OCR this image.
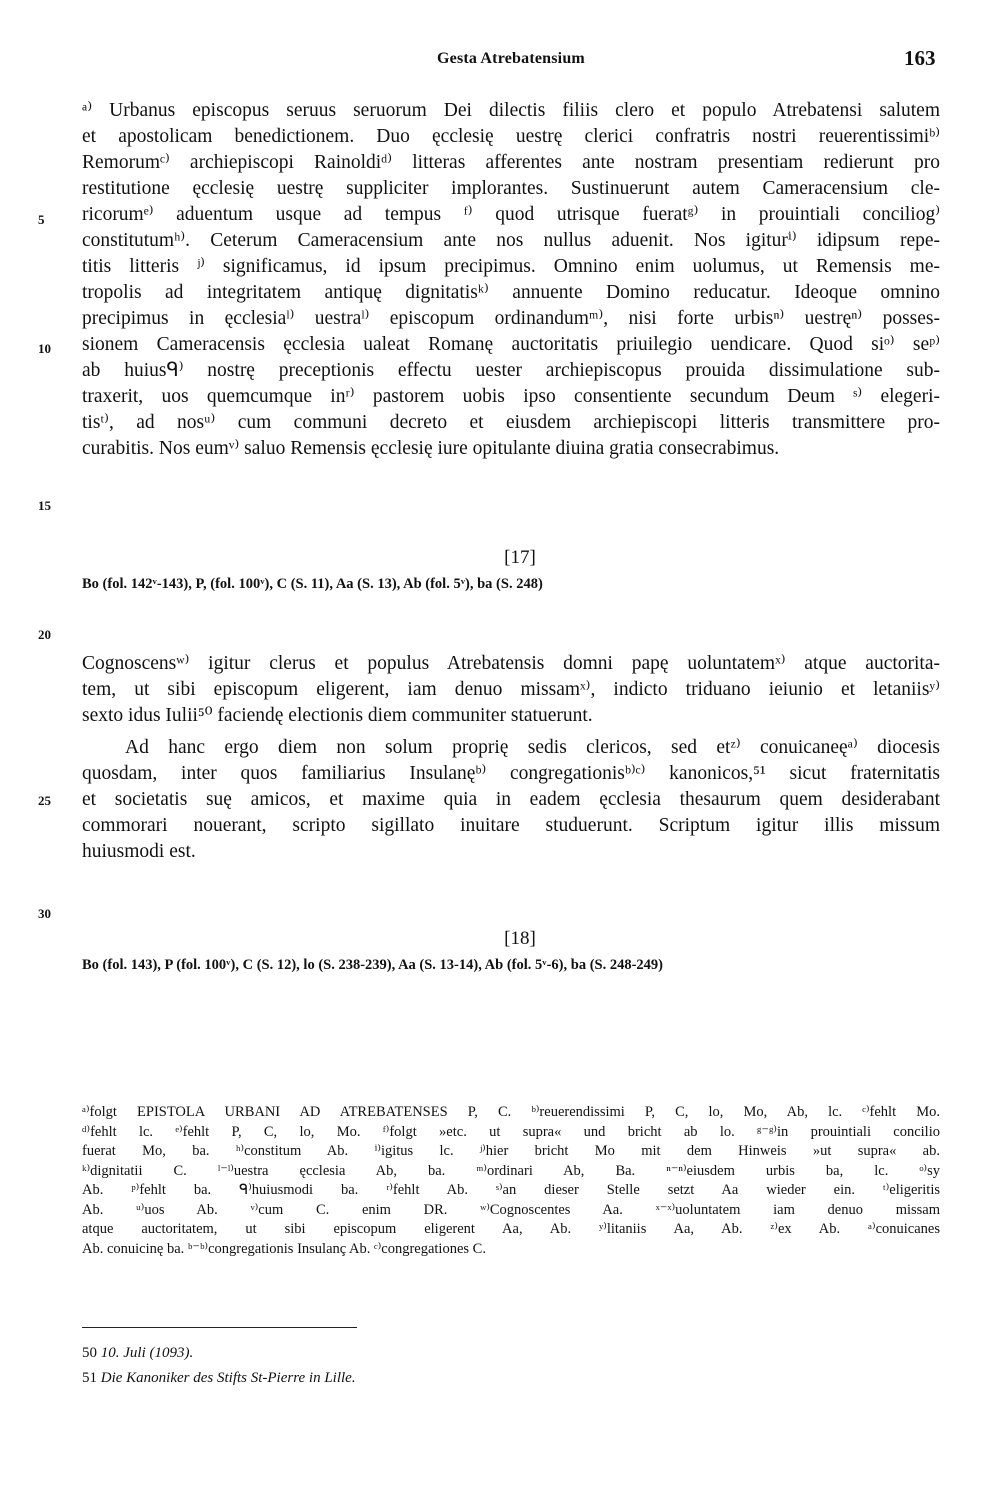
Gesta Atrebatensium	163
ᵃ⁾ Urbanus episcopus seruus seruorum Dei dilectis filiis clero et populo Atrebatensi salutem
et apostolicam benedictionem. Duo ęcclesię uestrę clerici confratris nostri reuerentissimiᵇ⁾
Remorumᶜ⁾ archiepiscopi Rainoldiᵈ⁾ litteras afferentes ante nostram presentiam redierunt pro
restitutione ęcclesię uestrę suppliciter implorantes. Sustinuerunt autem Cameracensium cle-
ricorumᵉ⁾ aduentum usque ad tempus ᶠ⁾ quod utrisque fueratᵍ⁾ in prouintiali conciliog⁾
constitutumʰ⁾. Ceterum Cameracensium ante nos nullus aduenit. Nos igiturⁱ⁾ idipsum repe-
titis litteris ʲ⁾ significamus, id ipsum precipimus. Omnino enim uolumus, ut Remensis me-
tropolis ad integritatem antiquę dignitatisᵏ⁾ annuente Domino reducatur. Ideoque omnino
precipimus in ęcclesiaˡ⁾ uestraˡ⁾ episcopum ordinandumᵐ⁾, nisi forte urbisⁿ⁾ uestręⁿ⁾ posses-
sionem Cameracensis ęcclesia ualeat Romanę auctoritatis priuilegio uendicare. Quod siᵒ⁾ seᵖ⁾
ab huiusᑫ⁾ nostrę preceptionis effectu uester archiepiscopus prouida dissimulatione sub-
traxerit, uos quemcumque inʳ⁾ pastorem uobis ipso consentiente secundum Deum ˢ⁾ elegeri-
tisᵗ⁾, ad nosᵘ⁾ cum communi decreto et eiusdem archiepiscopi litteris transmittere pro-
curabitis. Nos eumᵛ⁾ saluo Remensis ęcclesię iure opitulante diuina gratia consecrabimus.
5
10
15
20
25
30
[17]
Bo (fol. 142ᵛ-143), P, (fol. 100ᵛ), C (S. 11), Aa (S. 13), Ab (fol. 5ᵛ), ba (S. 248)
Cognoscensʷ⁾ igitur clerus et populus Atrebatensis domni papę uoluntatemˣ⁾ atque auctorita-
tem, ut sibi episcopum eligerent, iam denuo missamˣ⁾, indicto triduano ieiunio et letaniisʸ⁾
sexto idus Iulii⁵⁰ faciendę electionis diem communiter statuerunt.
Ad hanc ergo diem non solum proprię sedis clericos, sed etᶻ⁾ conuicaneęᵃ⁾ diocesis
quosdam, inter quos familiarius Insulanęᵇ⁾ congregationisᵇ⁾ᶜ⁾ kanonicos,⁵¹ sicut fraternitatis
et societatis suę amicos, et maxime quia in eadem ęcclesia thesaurum quem desiderabant
commorari nouerant, scripto sigillato inuitare studuerunt. Scriptum igitur illis missum
huiusmodi est.
[18]
Bo (fol. 143), P (fol. 100ᵛ), C (S. 12), lo (S. 238-239), Aa (S. 13-14), Ab (fol. 5ᵛ-6), ba (S. 248-249)
ᵃ⁾folgt EPISTOLA URBANI AD ATREBATENSES P, C. ᵇ⁾reuerendissimi P, C, lo, Mo, Ab, lc. ᶜ⁾fehlt Mo.
ᵈ⁾fehlt lc. ᵉ⁾fehlt P, C, lo, Mo. ᶠ⁾folgt »etc. ut supra« und bricht ab lo. ᵍ⁻ᵍ⁾in prouintiali concilio
fuerat Mo, ba. ʰ⁾constitum Ab. ⁱ⁾igitus lc. ʲ⁾hier bricht Mo mit dem Hinweis »ut supra« ab.
ᵏ⁾dignitatii C. ˡ⁻ˡ⁾uestra ęcclesia Ab, ba. ᵐ⁾ordinari Ab, Ba. ⁿ⁻ⁿ⁾eiusdem urbis ba, lc. ᵒ⁾sy
Ab. ᵖ⁾fehlt ba. ᑫ⁾huiusmodi ba. ʳ⁾fehlt Ab. ˢ⁾an dieser Stelle setzt Aa wieder ein. ᵗ⁾eligeritis
Ab. ᵘ⁾uos Ab. ᵛ⁾cum C. enim DR. ʷ⁾Cognoscentes Aa. ˣ⁻ˣ⁾uoluntatem iam denuo missam
atque auctoritatem, ut sibi episcopum eligerent Aa, Ab. ʸ⁾litaniis Aa, Ab. ᶻ⁾ex Ab. ᵃ⁾conuicanes
Ab. conuicinę ba. ᵇ⁻ᵇ⁾congregationis Insulanç Ab. ᶜ⁾congregationes C.
50 10. Juli (1093).
51 Die Kanoniker des Stifts St-Pierre in Lille.
